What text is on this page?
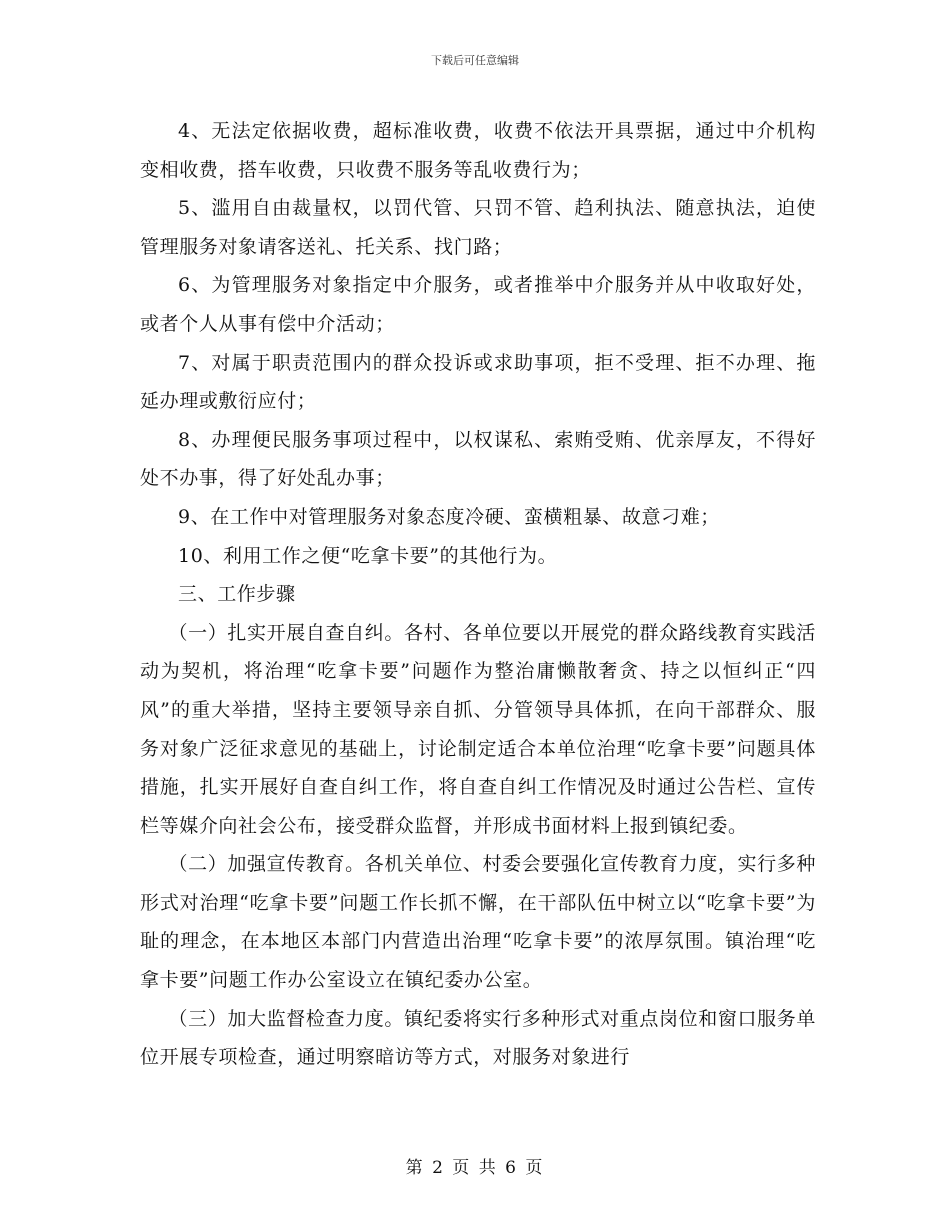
下载后可任意编辑

4、无法定依据收费，超标准收费，收费不依法开具票据，通过中介机构变相收费，搭车收费，只收费不服务等乱收费行为；

5、滥用自由裁量权，以罚代管、只罚不管、趋利执法、随意执法，迫使管理服务对象请客送礼、托关系、找门路；

6、为管理服务对象指定中介服务，或者推举中介服务并从中收取好处，或者个人从事有偿中介活动；

7、对属于职责范围内的群众投诉或求助事项，拒不受理、拒不办理、拖延办理或敷衍应付；

8、办理便民服务事项过程中，以权谋私、索贿受贿、优亲厚友，不得好处不办事，得了好处乱办事；

9、在工作中对管理服务对象态度冷硬、蛮横粗暴、故意刁难；

10、利用工作之便“吃拿卡要”的其他行为。

三、工作步骤

（一）扎实开展自查自纠。各村、各单位要以开展党的群众路线教育实践活动为契机，将治理“吃拿卡要”问题作为整治庸懒散奢贪、持之以恒纠正“四风”的重大举措，坚持主要领导亲自抓、分管领导具体抓，在向干部群众、服务对象广泛征求意见的基础上，讨论制定适合本单位治理“吃拿卡要”问题具体措施，扎实开展好自查自纠工作，将自查自纠工作情况及时通过公告栏、宣传栏等媒介向社会公布，接受群众监督，并形成书面材料上报到镇纪委。

（二）加强宣传教育。各机关单位、村委会要强化宣传教育力度，实行多种形式对治理“吃拿卡要”问题工作长抓不懈，在干部队伍中树立以“吃拿卡要”为耻的理念，在本地区本部门内营造出治理“吃拿卡要”的浓厚氛围。镇治理“吃拿卡要”问题工作办公室设立在镇纪委办公室。

（三）加大监督检查力度。镇纪委将实行多种形式对重点岗位和窗口服务单位开展专项检查，通过明察暗访等方式，对服务对象进行

第 2 页 共 6 页
